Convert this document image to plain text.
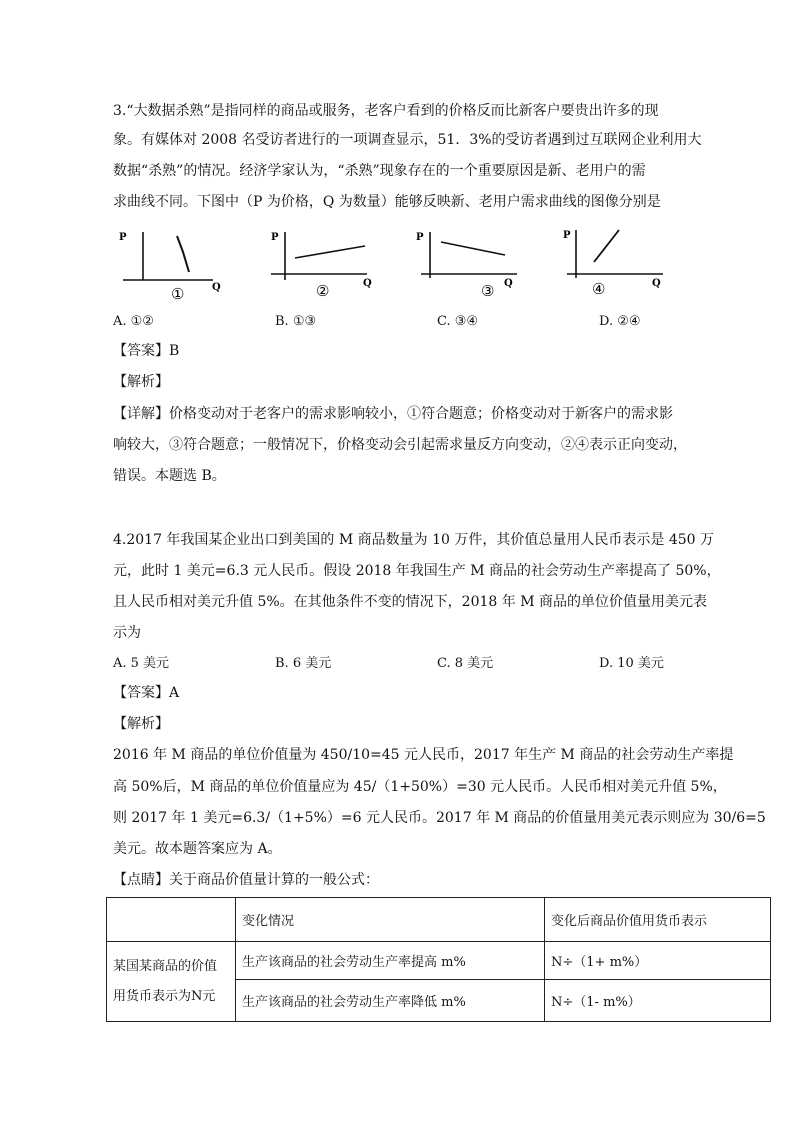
3.“大数据杀熟”是指同样的商品或服务，老客户看到的价格反而比新客户要贵出许多的现
象。有媒体对 2008 名受访者进行的一项调查显示，51．3%的受访者遇到过互联网企业利用大
数据“杀熟”的情况。经济学家认为，“杀熟”现象存在的一个重要原因是新、老用户的需
求曲线不同。下图中（P 为价格，Q 为数量）能够反映新、老用户需求曲线的图像分别是
P
Q
①
P
Q
②
P
Q
③
P
Q
④
A. ①②	B. ①③	C. ③④	D. ②④
【答案】B
【解析】
【详解】价格变动对于老客户的需求影响较小，①符合题意；价格变动对于新客户的需求影
响较大，③符合题意；一般情况下，价格变动会引起需求量反方向变动，②④表示正向变动，
错误。本题选 B。
4.2017 年我国某企业出口到美国的 M 商品数量为 10 万件，其价值总量用人民币表示是 450 万
元，此时 1 美元=6.3 元人民币。假设 2018 年我国生产 M 商品的社会劳动生产率提高了 50%，
且人民币相对美元升值 5%。在其他条件不变的情况下，2018 年 M 商品的单位价值量用美元表
示为
A. 5 美元	B. 6 美元	C. 8 美元	D. 10 美元
【答案】A
【解析】
2016 年 M 商品的单位价值量为 450/10=45 元人民币，2017 年生产 M 商品的社会劳动生产率提
高 50%后，M 商品的单位价值量应为 45/（1+50%）=30 元人民币。人民币相对美元升值 5%，
则 2017 年 1 美元=6.3/（1+5%）=6 元人民币。2017 年 M 商品的价值量用美元表示则应为 30/6=5
美元。故本题答案应为 A。
【点睛】关于商品价值量计算的一般公式：
	变化情况	变化后商品价值用货币表示

某国某商品的价值
用货币表示为N元	生产该商品的社会劳动生产率提高 m%	N÷（1+ m%）
	生产该商品的社会劳动生产率降低 m%	N÷（1- m%）
